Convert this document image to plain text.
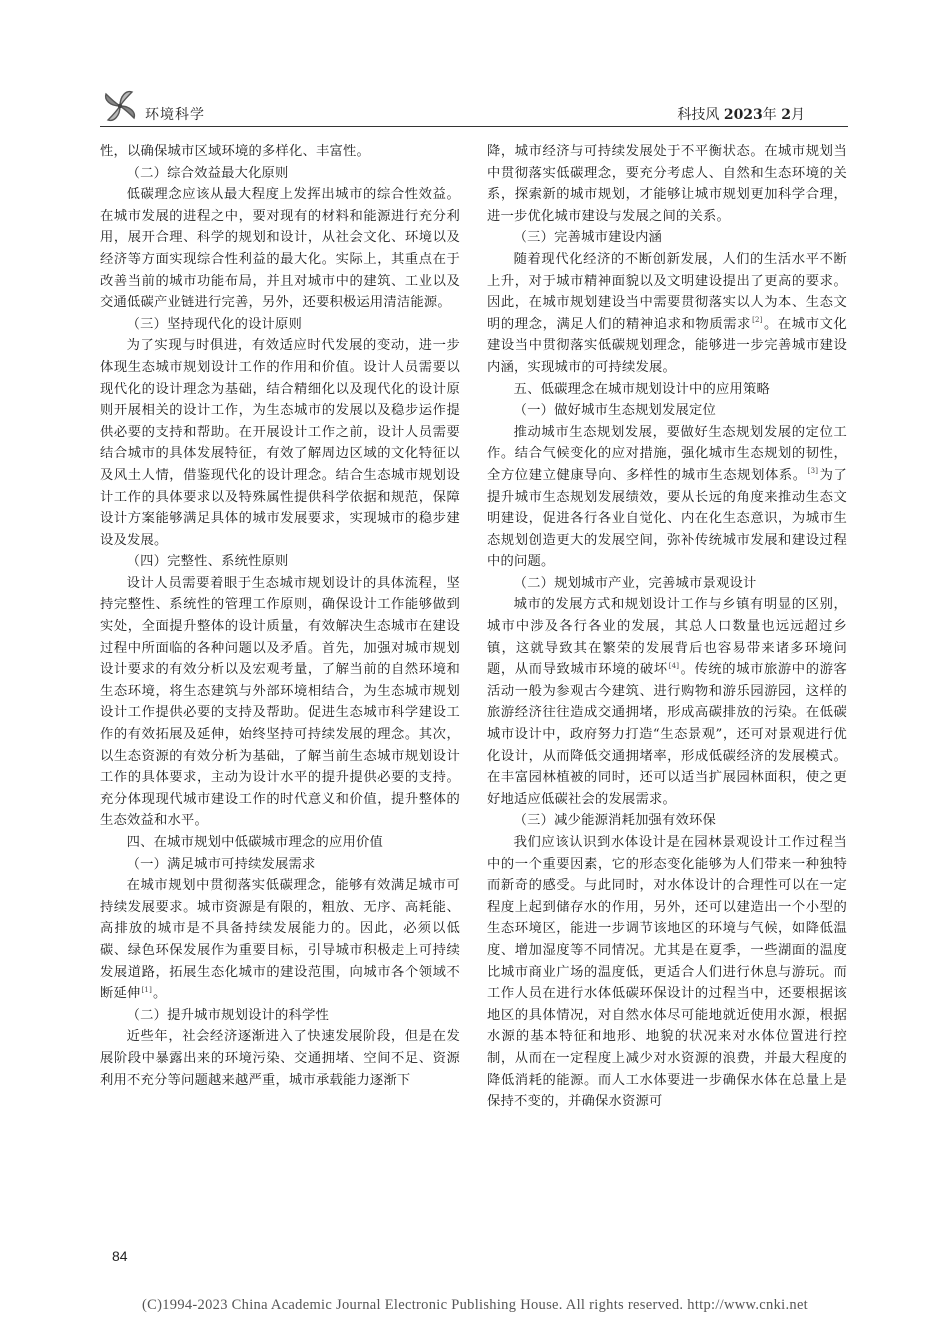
环境科学	科技风 2023年 2月

性，以确保城市区域环境的多样化、丰富性。

（二）综合效益最大化原则

低碳理念应该从最大程度上发挥出城市的综合性效益。在城市发展的进程之中，要对现有的材料和能源进行充分利用，展开合理、科学的规划和设计，从社会文化、环境以及经济等方面实现综合性利益的最大化。实际上，其重点在于改善当前的城市功能布局，并且对城市中的建筑、工业以及交通低碳产业链进行完善，另外，还要积极运用清洁能源。

（三）坚持现代化的设计原则

为了实现与时俱进，有效适应时代发展的变动，进一步体现生态城市规划设计工作的作用和价值。设计人员需要以现代化的设计理念为基础，结合精细化以及现代化的设计原则开展相关的设计工作，为生态城市的发展以及稳步运作提供必要的支持和帮助。在开展设计工作之前，设计人员需要结合城市的具体发展特征，有效了解周边区域的文化特征以及风土人情，借鉴现代化的设计理念。结合生态城市规划设计工作的具体要求以及特殊属性提供科学依据和规范，保障设计方案能够满足具体的城市发展要求，实现城市的稳步建设及发展。

（四）完整性、系统性原则

设计人员需要着眼于生态城市规划设计的具体流程，坚持完整性、系统性的管理工作原则，确保设计工作能够做到实处，全面提升整体的设计质量，有效解决生态城市在建设过程中所面临的各种问题以及矛盾。首先，加强对城市规划设计要求的有效分析以及宏观考量，了解当前的自然环境和生态环境，将生态建筑与外部环境相结合，为生态城市规划设计工作提供必要的支持及帮助。促进生态城市科学建设工作的有效拓展及延伸，始终坚持可持续发展的理念。其次，以生态资源的有效分析为基础，了解当前生态城市规划设计工作的具体要求，主动为设计水平的提升提供必要的支持。充分体现现代城市建设工作的时代意义和价值，提升整体的生态效益和水平。

四、在城市规划中低碳城市理念的应用价值

（一）满足城市可持续发展需求

在城市规划中贯彻落实低碳理念，能够有效满足城市可持续发展要求。城市资源是有限的，粗放、无序、高耗能、高排放的城市是不具备持续发展能力的。因此，必须以低碳、绿色环保发展作为重要目标，引导城市积极走上可持续发展道路，拓展生态化城市的建设范围，向城市各个领域不断延伸[1]。

（二）提升城市规划设计的科学性

近些年，社会经济逐渐进入了快速发展阶段，但是在发展阶段中暴露出来的环境污染、交通拥堵、空间不足、资源利用不充分等问题越来越严重，城市承载能力逐渐下

降，城市经济与可持续发展处于不平衡状态。在城市规划当中贯彻落实低碳理念，要充分考虑人、自然和生态环境的关系，探索新的城市规划，才能够让城市规划更加科学合理，进一步优化城市建设与发展之间的关系。

（三）完善城市建设内涵

随着现代化经济的不断创新发展，人们的生活水平不断上升，对于城市精神面貌以及文明建设提出了更高的要求。因此，在城市规划建设当中需要贯彻落实以人为本、生态文明的理念，满足人们的精神追求和物质需求[2]。在城市文化建设当中贯彻落实低碳规划理念，能够进一步完善城市建设内涵，实现城市的可持续发展。

五、低碳理念在城市规划设计中的应用策略

（一）做好城市生态规划发展定位

推动城市生态规划发展，要做好生态规划发展的定位工作。结合气候变化的应对措施，强化城市生态规划的韧性，全方位建立健康导向、多样性的城市生态规划体系。[3]为了提升城市生态规划发展绩效，要从长远的角度来推动生态文明建设，促进各行各业自觉化、内在化生态意识，为城市生态规划创造更大的发展空间，弥补传统城市发展和建设过程中的问题。

（二）规划城市产业，完善城市景观设计

城市的发展方式和规划设计工作与乡镇有明显的区别，城市中涉及各行各业的发展，其总人口数量也远远超过乡镇，这就导致其在繁荣的发展背后也容易带来诸多环境问题，从而导致城市环境的破坏[4]。传统的城市旅游中的游客活动一般为参观古今建筑、进行购物和游乐园游园，这样的旅游经济往往造成交通拥堵，形成高碳排放的污染。在低碳城市设计中，政府努力打造“生态景观”，还可对景观进行优化设计，从而降低交通拥堵率，形成低碳经济的发展模式。在丰富园林植被的同时，还可以适当扩展园林面积，使之更好地适应低碳社会的发展需求。

（三）减少能源消耗加强有效环保

我们应该认识到水体设计是在园林景观设计工作过程当中的一个重要因素，它的形态变化能够为人们带来一种独特而新奇的感受。与此同时，对水体设计的合理性可以在一定程度上起到储存水的作用，另外，还可以建造出一个小型的生态环境区，能进一步调节该地区的环境与气候，如降低温度、增加湿度等不同情况。尤其是在夏季，一些湖面的温度比城市商业广场的温度低，更适合人们进行休息与游玩。而工作人员在进行水体低碳环保设计的过程当中，还要根据该地区的具体情况，对自然水体尽可能地就近使用水源，根据水源的基本特征和地形、地貌的状况来对水体位置进行控制，从而在一定程度上减少对水资源的浪费，并最大程度的降低消耗的能源。而人工水体要进一步确保水体在总量上是保持不变的，并确保水资源可

84
(C)1994-2023 China Academic Journal Electronic Publishing House. All rights reserved. http://www.cnki.net
